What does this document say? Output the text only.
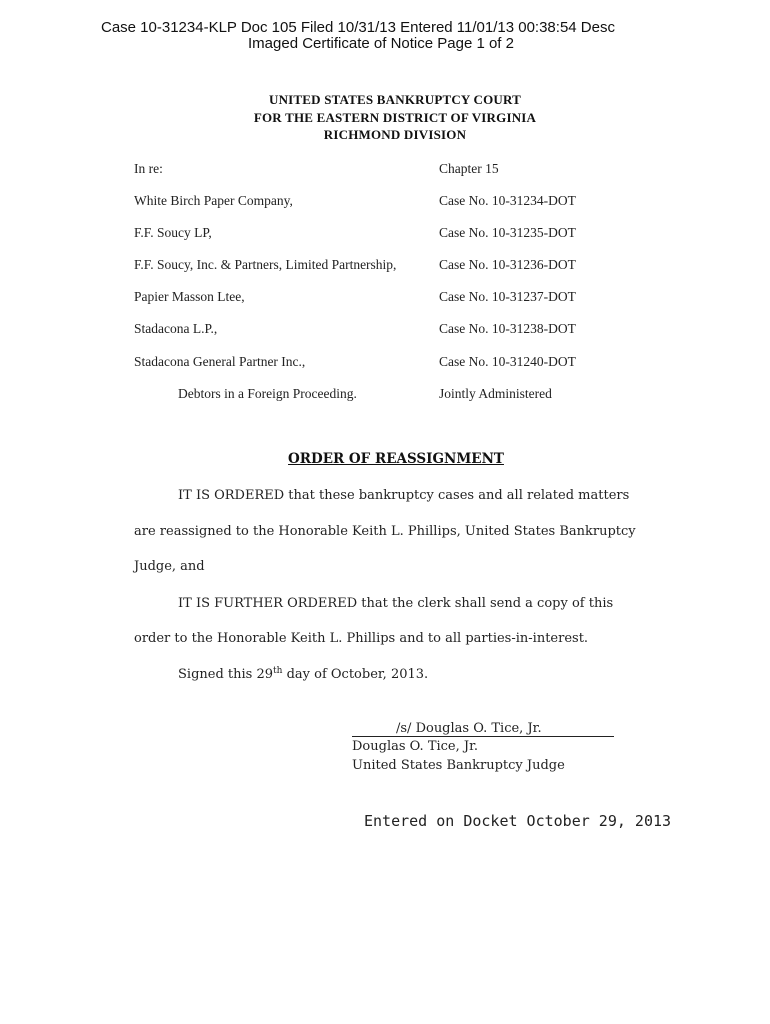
Case 10-31234-KLP Doc 105 Filed 10/31/13 Entered 11/01/13 00:38:54 Desc
Imaged Certificate of Notice Page 1 of 2
UNITED STATES BANKRUPTCY COURT
FOR THE EASTERN DISTRICT OF VIRGINIA
RICHMOND DIVISION
In re:	Chapter 15
White Birch Paper Company,	Case No. 10-31234-DOT
F.F. Soucy LP,	Case No. 10-31235-DOT
F.F. Soucy, Inc. & Partners, Limited Partnership,	Case No. 10-31236-DOT
Papier Masson Ltee,	Case No. 10-31237-DOT
Stadacona L.P.,	Case No. 10-31238-DOT
Stadacona General Partner Inc.,	Case No. 10-31240-DOT
Debtors in a Foreign Proceeding.	Jointly Administered
ORDER OF REASSIGNMENT
IT IS ORDERED that these bankruptcy cases and all related matters
are reassigned to the Honorable Keith L. Phillips, United States Bankruptcy
Judge, and
IT IS FURTHER ORDERED that the clerk shall send a copy of this
order to the Honorable Keith L. Phillips and to all parties-in-interest.
Signed this 29th day of October, 2013.
/s/ Douglas O. Tice, Jr.
Douglas O. Tice, Jr.
United States Bankruptcy Judge
Entered on Docket October 29, 2013
